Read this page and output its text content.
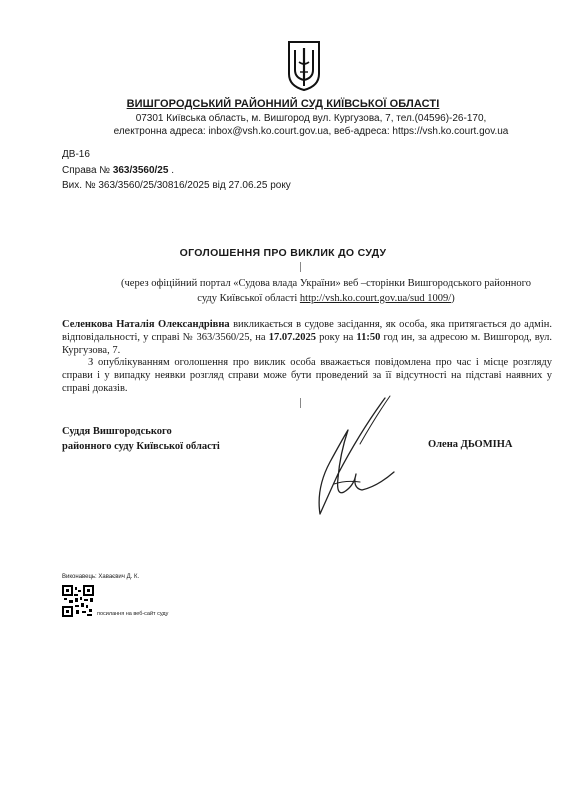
ВИШГОРОДСЬКИЙ РАЙОННИЙ СУД КИЇВСЬКОЇ ОБЛАСТІ
07301 Київська область, м. Вишгород вул. Кургузова, 7, тел.(04596)-26-170,
електронна адреса: inbox@vsh.ko.court.gov.ua, веб-адреса: https://vsh.ko.court.gov.ua
ДВ-16
Справа № 363/3560/25 .
Вих. № 363/3560/25/30816/2025 від 27.06.25 року
ОГОЛОШЕННЯ ПРО ВИКЛИК ДО СУДУ
(через офіційний портал «Судова влада України» веб –сторінки Вишгородського районного
суду Київської області http://vsh.ko.court.gov.ua/sud 1009/)
Селенкова Наталія Олександрівна викликається в судове засідання, як особа, яка притягається до адмін. відповідальності, у справі № 363/3560/25, на 17.07.2025 року на 11:50 год ин, за адресою м. Вишгород, вул. Кургузова, 7.
З опублікуванням оголошення про виклик особа вважається повідомлена про час і місце розгляду справи і у випадку неявки розгляд справи може бути проведений за її відсутності на підставі наявних у справі доказів.
Суддя Вишгородського
районного суду Київської області	Олена ДЬОМІНА
Виконавець: Хаваєвич Д. К.
посилання на веб-сайт суду
